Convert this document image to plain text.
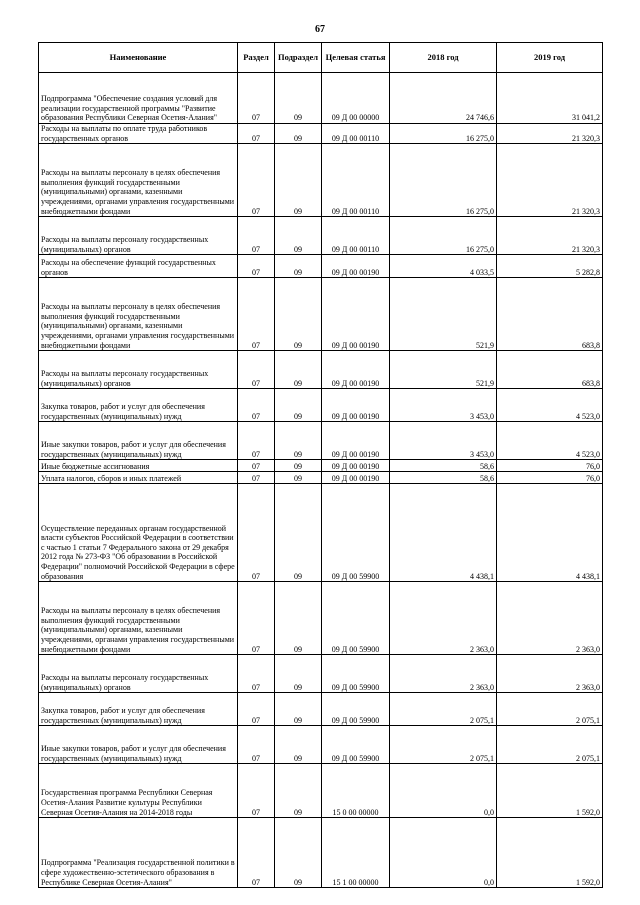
67
Наименование	Раздел	Подраздел	Целевая статья	2018 год	2019 год
Подпрограмма "Обеспечение создания условий для реализации государственной программы "Развитие образования Республики Северная Осетия-Алания"	07	09	09 Д 00 00000	24 746,6	31 041,2
Расходы на выплаты по оплате труда работников государственных органов	07	09	09 Д 00 00110	16 275,0	21 320,3
Расходы на выплаты персоналу в целях обеспечения выполнения функций государственными (муниципальными) органами, казенными учреждениями, органами управления государственными внебюджетными фондами	07	09	09 Д 00 00110	16 275,0	21 320,3
Расходы на выплаты персоналу государственных (муниципальных) органов	07	09	09 Д 00 00110	16 275,0	21 320,3
Расходы на обеспечение функций государственных органов	07	09	09 Д 00 00190	4 033,5	5 282,8
Расходы на выплаты персоналу в целях обеспечения выполнения функций государственными (муниципальными) органами, казенными учреждениями, органами управления государственными внебюджетными фондами	07	09	09 Д 00 00190	521,9	683,8
Расходы на выплаты персоналу государственных (муниципальных) органов	07	09	09 Д 00 00190	521,9	683,8
Закупка товаров, работ и услуг для обеспечения государственных (муниципальных) нужд	07	09	09 Д 00 00190	3 453,0	4 523,0
Иные закупки товаров, работ и услуг для обеспечения государственных (муниципальных) нужд	07	09	09 Д 00 00190	3 453,0	4 523,0
Иные бюджетные ассигнования	07	09	09 Д 00 00190	58,6	76,0
Уплата налогов, сборов и иных платежей	07	09	09 Д 00 00190	58,6	76,0
Осуществление переданных органам государственной власти субъектов Российской Федерации в соответствии с частью 1 статьи 7 Федерального закона от 29 декабря 2012 года № 273-ФЗ "Об образовании в Российской Федерации" полномочий Российской Федерации в сфере образования	07	09	09 Д 00 59900	4 438,1	4 438,1
Расходы на выплаты персоналу в целях обеспечения выполнения функций государственными (муниципальными) органами, казенными учреждениями, органами управления государственными внебюджетными фондами	07	09	09 Д 00 59900	2 363,0	2 363,0
Расходы на выплаты персоналу государственных (муниципальных) органов	07	09	09 Д 00 59900	2 363,0	2 363,0
Закупка товаров, работ и услуг для обеспечения государственных (муниципальных) нужд	07	09	09 Д 00 59900	2 075,1	2 075,1
Иные закупки товаров, работ и услуг для обеспечения государственных (муниципальных) нужд	07	09	09 Д 00 59900	2 075,1	2 075,1
Государственная программа Республики Северная Осетия-Алания Развитие культуры Республики Северная Осетия-Алания на 2014-2018 годы	07	09	15 0 00 00000	0,0	1 592,0
Подпрограмма "Реализация государственной политики в сфере художественно-эстетического образования в Республике Северная Осетия-Алания"	07	09	15 1 00 00000	0,0	1 592,0
